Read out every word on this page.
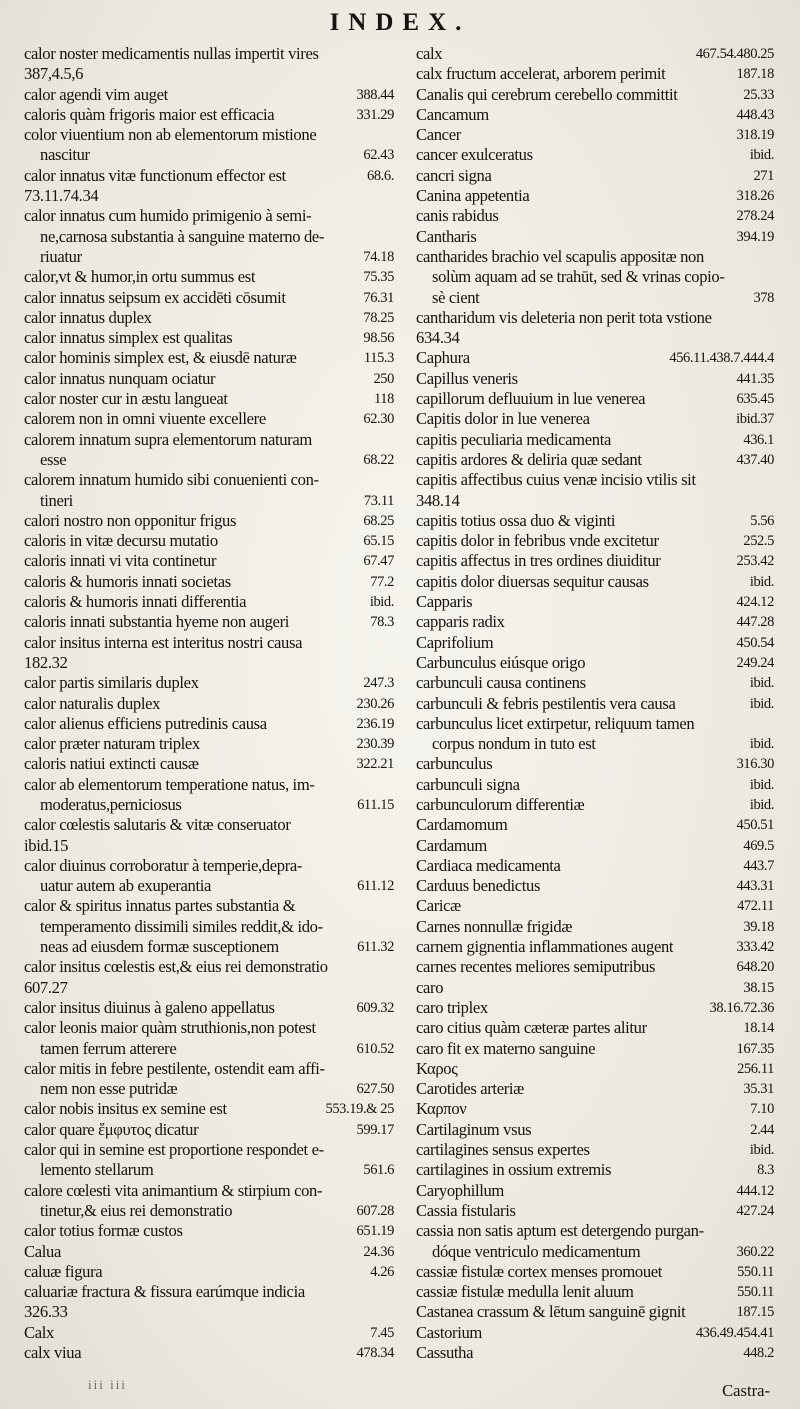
INDEX.
calor noster medicamentis nullas impertit vires
387,4.5,6
calor agendi vim auget	388.44
caloris quàm frigoris maior est efficacia	331.29
color viuentium non ab elementorum mistione
nascitur	62.43
calor innatus vitæ functionum effector est	68.6.
73.11.74.34
calor innatus cum humido primigenio à semi-
ne,carnosa substantia à sanguine materno de-
riuatur	74.18
calor,vt & humor,in ortu summus est	75.35
calor innatus seipsum ex accidēti cōsumit	76.31
calor innatus duplex	78.25
calor innatus simplex est qualitas	98.56
calor hominis simplex est, & eiusdē naturæ	115.3
calor innatus nunquam ociatur	250
calor noster cur in æstu langueat	118
calorem non in omni viuente excellere	62.30
calorem innatum supra elementorum naturam
esse	68.22
calorem innatum humido sibi conuenienti con-
tineri	73.11
calori nostro non opponitur frigus	68.25
caloris in vitæ decursu mutatio	65.15
caloris innati vi vita continetur	67.47
caloris & humoris innati societas	77.2
caloris & humoris innati differentia	ibid.
caloris innati substantia hyeme non augeri	78.3
calor insitus interna est interitus nostri causa
182.32
calor partis similaris duplex	247.3
calor naturalis duplex	230.26
calor alienus efficiens putredinis causa	236.19
calor præter naturam triplex	230.39
caloris natiui extincti causæ	322.21
calor ab elementorum temperatione natus, im-
moderatus,perniciosus	611.15
calor cœlestis salutaris & vitæ conseruator
ibid.15
calor diuinus corroboratur à temperie,depra-
uatur autem ab exuperantia	611.12
calor & spiritus innatus partes substantia &
temperamento dissimili similes reddit,& ido-
neas ad eiusdem formæ susceptionem	611.32
calor insitus cœlestis est,& eius rei demonstratio
607.27
calor insitus diuinus à galeno appellatus	609.32
calor leonis maior quàm struthionis,non potest
tamen ferrum atterere	610.52
calor mitis in febre pestilente, ostendit eam affi-
nem non esse putridæ	627.50
calor nobis insitus ex semine est	553.19.& 25
calor quare ἔμφυτος dicatur	599.17
calor qui in semine est proportione respondet e-
lemento stellarum	561.6
calore cœlesti vita animantium & stirpium con-
tinetur,& eius rei demonstratio	607.28
calor totius formæ custos	651.19
Calua	24.36
caluæ figura	4.26
caluariæ fractura & fissura earúmque indicia
326.33
Calx	7.45
calx viua	478.34
calx	467.54.480.25
calx fructum accelerat, arborem perimit	187.18
Canalis qui cerebrum cerebello committit	25.33
Cancamum	448.43
Cancer	318.19
cancer exulceratus	ibid.
cancri signa	271
Canina appetentia	318.26
canis rabidus	278.24
Cantharis	394.19
cantharides brachio vel scapulis appositæ non
solùm aquam ad se trahūt, sed & vrinas copio-
sè cient	378
cantharidum vis deleteria non perit tota vstione
634.34
Caphura	456.11.438.7.444.4
Capillus veneris	441.35
capillorum defluuium in lue venerea	635.45
Capitis dolor in lue venerea	ibid.37
capitis peculiaria medicamenta	436.1
capitis ardores & deliria quæ sedant	437.40
capitis affectibus cuius venæ incisio vtilis sit
348.14
capitis totius ossa duo & viginti	5.56
capitis dolor in febribus vnde excitetur	252.5
capitis affectus in tres ordines diuiditur	253.42
capitis dolor diuersas sequitur causas	ibid.
Capparis	424.12
capparis radix	447.28
Caprifolium	450.54
Carbunculus eiúsque origo	249.24
carbunculi causa continens	ibid.
carbunculi & febris pestilentis vera causa	ibid.
carbunculus licet extirpetur, reliquum tamen
corpus nondum in tuto est	ibid.
carbunculus	316.30
carbunculi signa	ibid.
carbunculorum differentiæ	ibid.
Cardamomum	450.51
Cardamum	469.5
Cardiaca medicamenta	443.7
Carduus benedictus	443.31
Caricæ	472.11
Carnes nonnullæ frigidæ	39.18
carnem gignentia inflammationes augent	333.42
carnes recentes meliores semiputribus	648.20
caro	38.15
caro triplex	38.16.72.36
caro citius quàm cæteræ partes alitur	18.14
caro fit ex materno sanguine	167.35
Καρος	256.11
Carotides arteriæ	35.31
Καρπον	7.10
Cartilaginum vsus	2.44
cartilagines sensus expertes	ibid.
cartilagines in ossium extremis	8.3
Caryophillum	444.12
Cassia fistularis	427.24
cassia non satis aptum est detergendo purgan-
dóque ventriculo medicamentum	360.22
cassiæ fistulæ cortex menses promouet	550.11
cassiæ fistulæ medulla lenit aluum	550.11
Castanea crassum & lētum sanguinē gignit	187.15
Castorium	436.49.454.41
Cassutha	448.2
iii iii	Castra-
